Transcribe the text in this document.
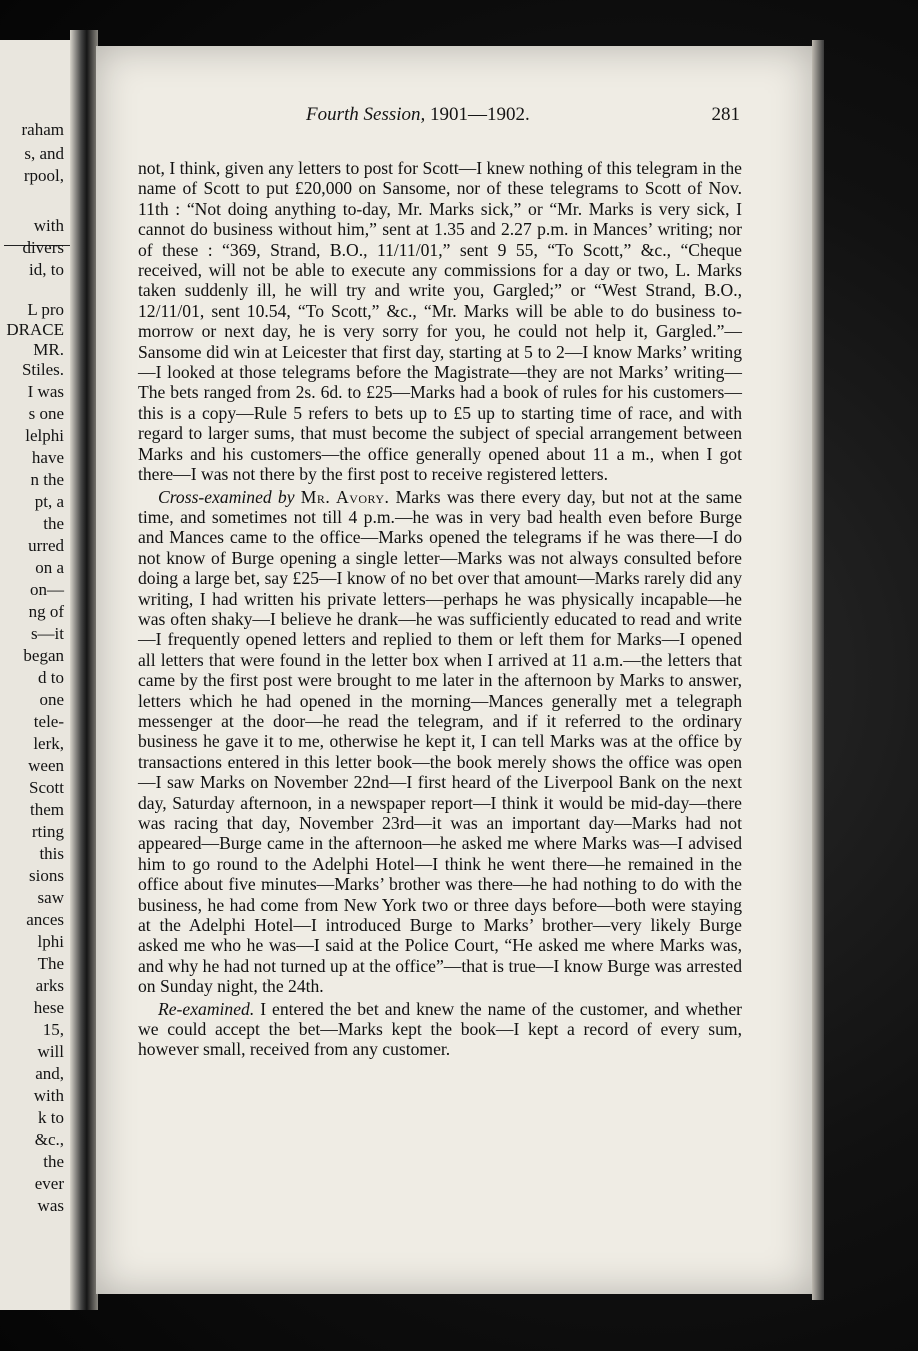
raham
s, and
rpool,
with
divers
id, to
L pro
DRACE
MR.
Stiles.
I was
s one
lelphi
have
n the
pt, a
the
urred
on a
on—
ng of
s—it
began
d to
one
tele-
lerk,
ween
Scott
them
rting
this
sions
saw
ances
lphi
The
arks
hese
15,
will
and,
with
k to
&c.,
the
ever
was
Fourth Session, 1901—1902.	281

not, I think, given any letters to post for Scott—I knew nothing of this telegram in the name of Scott to put £20,000 on Sansome, nor of these telegrams to Scott of Nov. 11th : “Not doing anything to-day, Mr. Marks sick,” or “Mr. Marks is very sick, I cannot do business without him,” sent at 1.35 and 2.27 p.m. in Mances’ writing; nor of these : “369, Strand, B.O., 11/11/01,” sent 9 55, “To Scott,” &c., “Cheque received, will not be able to execute any commissions for a day or two, L. Marks taken suddenly ill, he will try and write you, Gargled;” or “West Strand, B.O., 12/11/01, sent 10.54, “To Scott,” &c., “Mr. Marks will be able to do business to-morrow or next day, he is very sorry for you, he could not help it, Gargled.”—Sansome did win at Leicester that first day, starting at 5 to 2—I know Marks’ writing—I looked at those telegrams before the Magistrate—they are not Marks’ writing—The bets ranged from 2s. 6d. to £25—Marks had a book of rules for his customers—this is a copy—Rule 5 refers to bets up to £5 up to starting time of race, and with regard to larger sums, that must become the subject of special arrangement between Marks and his customers—the office generally opened about 11 a m., when I got there—I was not there by the first post to receive registered letters.

Cross-examined by Mr. Avory. Marks was there every day, but not at the same time, and sometimes not till 4 p.m.—he was in very bad health even before Burge and Mances came to the office—Marks opened the telegrams if he was there—I do not know of Burge opening a single letter—Marks was not always consulted before doing a large bet, say £25—I know of no bet over that amount—Marks rarely did any writing, I had written his private letters—perhaps he was physically incapable—he was often shaky—I believe he drank—he was sufficiently educated to read and write—I frequently opened letters and replied to them or left them for Marks—I opened all letters that were found in the letter box when I arrived at 11 a.m.—the letters that came by the first post were brought to me later in the afternoon by Marks to answer, letters which he had opened in the morning—Mances generally met a telegraph messenger at the door—he read the telegram, and if it referred to the ordinary business he gave it to me, otherwise he kept it, I can tell Marks was at the office by transactions entered in this letter book—the book merely shows the office was open—I saw Marks on November 22nd—I first heard of the Liverpool Bank on the next day, Saturday afternoon, in a newspaper report—I think it would be mid-day—there was racing that day, November 23rd—it was an important day—Marks had not appeared—Burge came in the afternoon—he asked me where Marks was—I advised him to go round to the Adelphi Hotel—I think he went there—he remained in the office about five minutes—Marks’ brother was there—he had nothing to do with the business, he had come from New York two or three days before—both were staying at the Adelphi Hotel—I introduced Burge to Marks’ brother—very likely Burge asked me who he was—I said at the Police Court, “He asked me where Marks was, and why he had not turned up at the office”—that is true—I know Burge was arrested on Sunday night, the 24th.

Re-examined. I entered the bet and knew the name of the customer, and whether we could accept the bet—Marks kept the book—I kept a record of every sum, however small, received from any customer.
